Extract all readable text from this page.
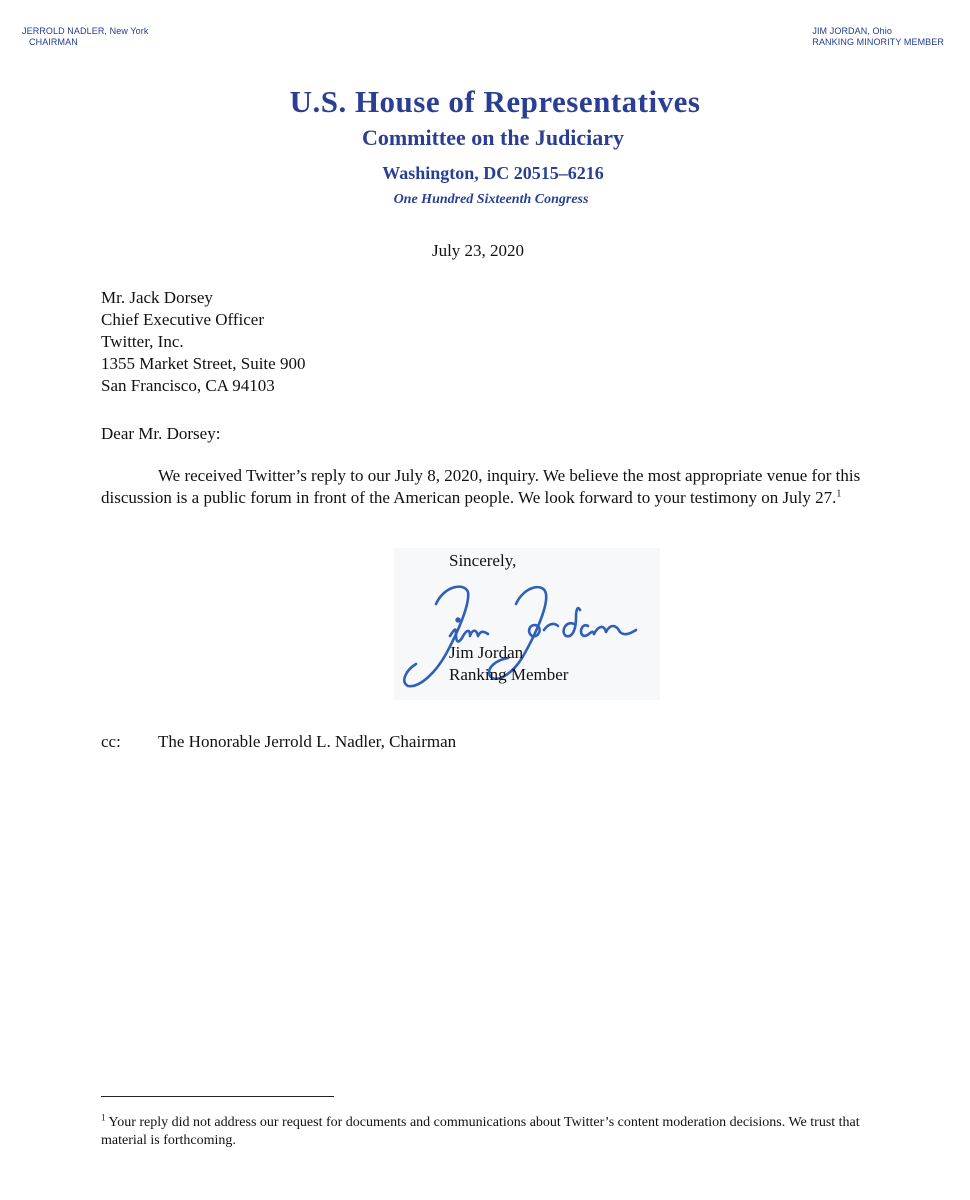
JERROLD NADLER, New York
CHAIRMAN
JIM JORDAN, Ohio
RANKING MINORITY MEMBER
U.S. House of Representatives
Committee on the Judiciary
Washington, DC 20515–6216
One Hundred Sixteenth Congress
July 23, 2020
Mr. Jack Dorsey
Chief Executive Officer
Twitter, Inc.
1355 Market Street, Suite 900
San Francisco, CA 94103
Dear Mr. Dorsey:
We received Twitter’s reply to our July 8, 2020, inquiry. We believe the most appropriate venue for this discussion is a public forum in front of the American people. We look forward to your testimony on July 27.$^1$
Sincerely,
Jim Jordan
Ranking Member
cc: The Honorable Jerrold L. Nadler, Chairman
$^1$ Your reply did not address our request for documents and communications about Twitter’s content moderation decisions. We trust that material is forthcoming.
